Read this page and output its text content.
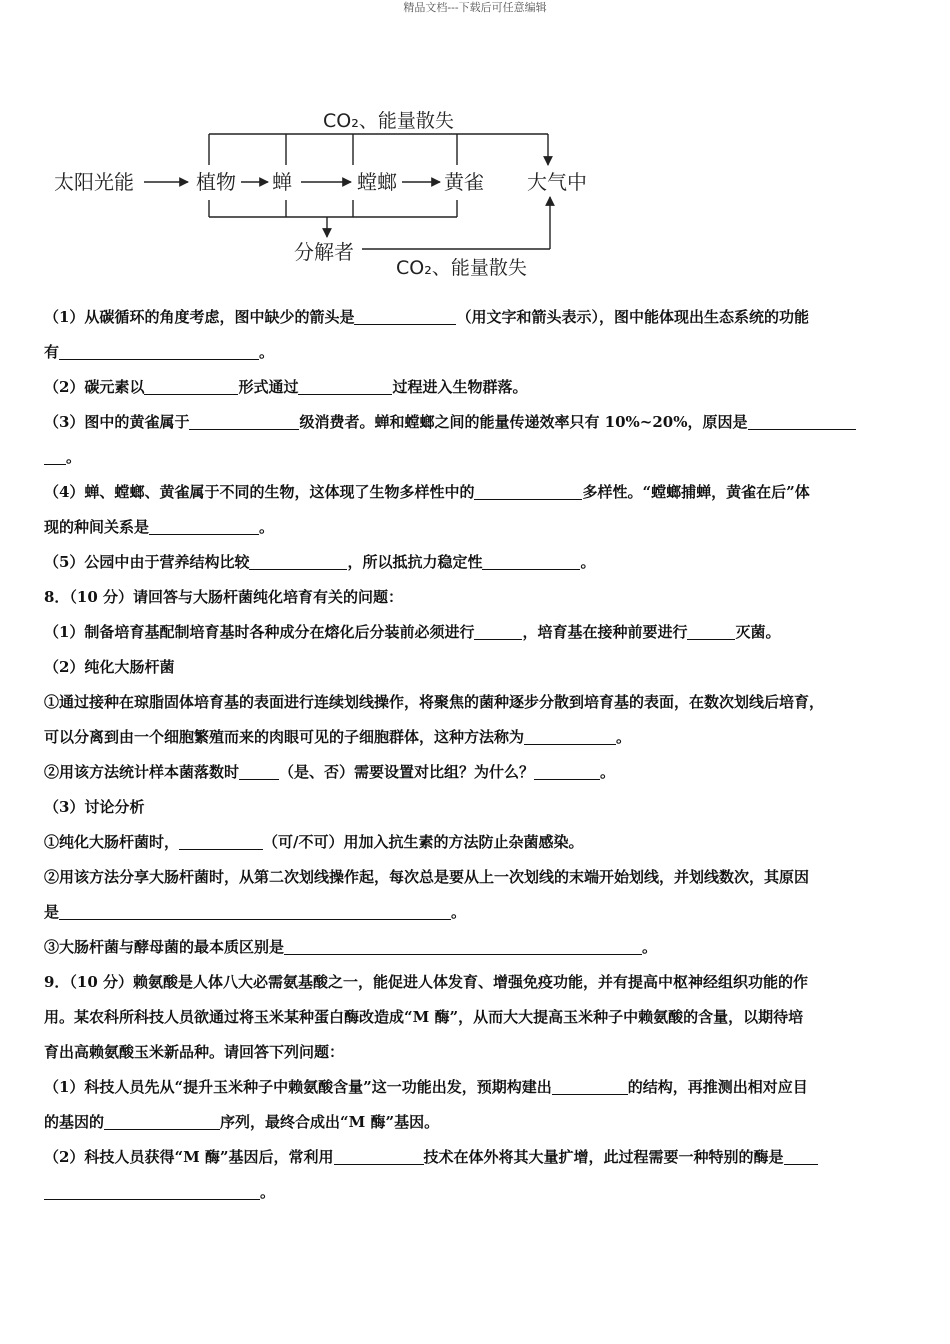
精品文档---下载后可任意编辑
CO₂、能量散失
太阳光能	植物 蝉	螳螂 黄雀 大气中
分解者
CO₂、能量散失

（1）从碳循环的角度考虑，图中缺少的箭头是	（用文字和箭头表示），图中能体现出生态系统的功能

有	。

（2）碳元素以	形式通过	过程进入生物群落。

（3）图中的黄雀属于	级消费者。蝉和螳螂之间的能量传递效率只有 10%~20%，原因是

。

（4）蝉、螳螂、黄雀属于不同的生物，这体现了生物多样性中的	多样性。“螳螂捕蝉，黄雀在后”体

现的种间关系是	。

（5）公园中由于营养结构比较	，所以抵抗力稳定性	。

8．（10 分）请回答与大肠杆菌纯化培育有关的问题：

（1）制备培育基配制培育基时各种成分在熔化后分装前必须进行	，培育基在接种前要进行	灭菌。

（2）纯化大肠杆菌

①通过接种在琼脂固体培育基的表面进行连续划线操作，将聚焦的菌种逐步分散到培育基的表面，在数次划线后培育，

可以分离到由一个细胞繁殖而来的肉眼可见的子细胞群体，这种方法称为	。

②用该方法统计样本菌落数时	（是、否）需要设置对比组？为什么？	。

（3）讨论分析

①纯化大肠杆菌时，	（可/不可）用加入抗生素的方法防止杂菌感染。

②用该方法分享大肠杆菌时，从第二次划线操作起，每次总是要从上一次划线的末端开始划线，并划线数次，其原因

是	。

③大肠杆菌与酵母菌的最本质区别是	。

9．（10 分）赖氨酸是人体八大必需氨基酸之一，能促进人体发育、增强免疫功能，并有提高中枢神经组织功能的作

用。某农科所科技人员欲通过将玉米某种蛋白酶改造成“M 酶”，从而大大提高玉米种子中赖氨酸的含量，以期待培

育出高赖氨酸玉米新品种。请回答下列问题：

（1）科技人员先从“提升玉米种子中赖氨酸含量”这一功能出发，预期构建出	的结构，再推测出相对应目

的基因的	序列，最终合成出“M 酶”基因。

（2）科技人员获得“M 酶”基因后，常利用	技术在体外将其大量扩增，此过程需要一种特别的酶是

。
